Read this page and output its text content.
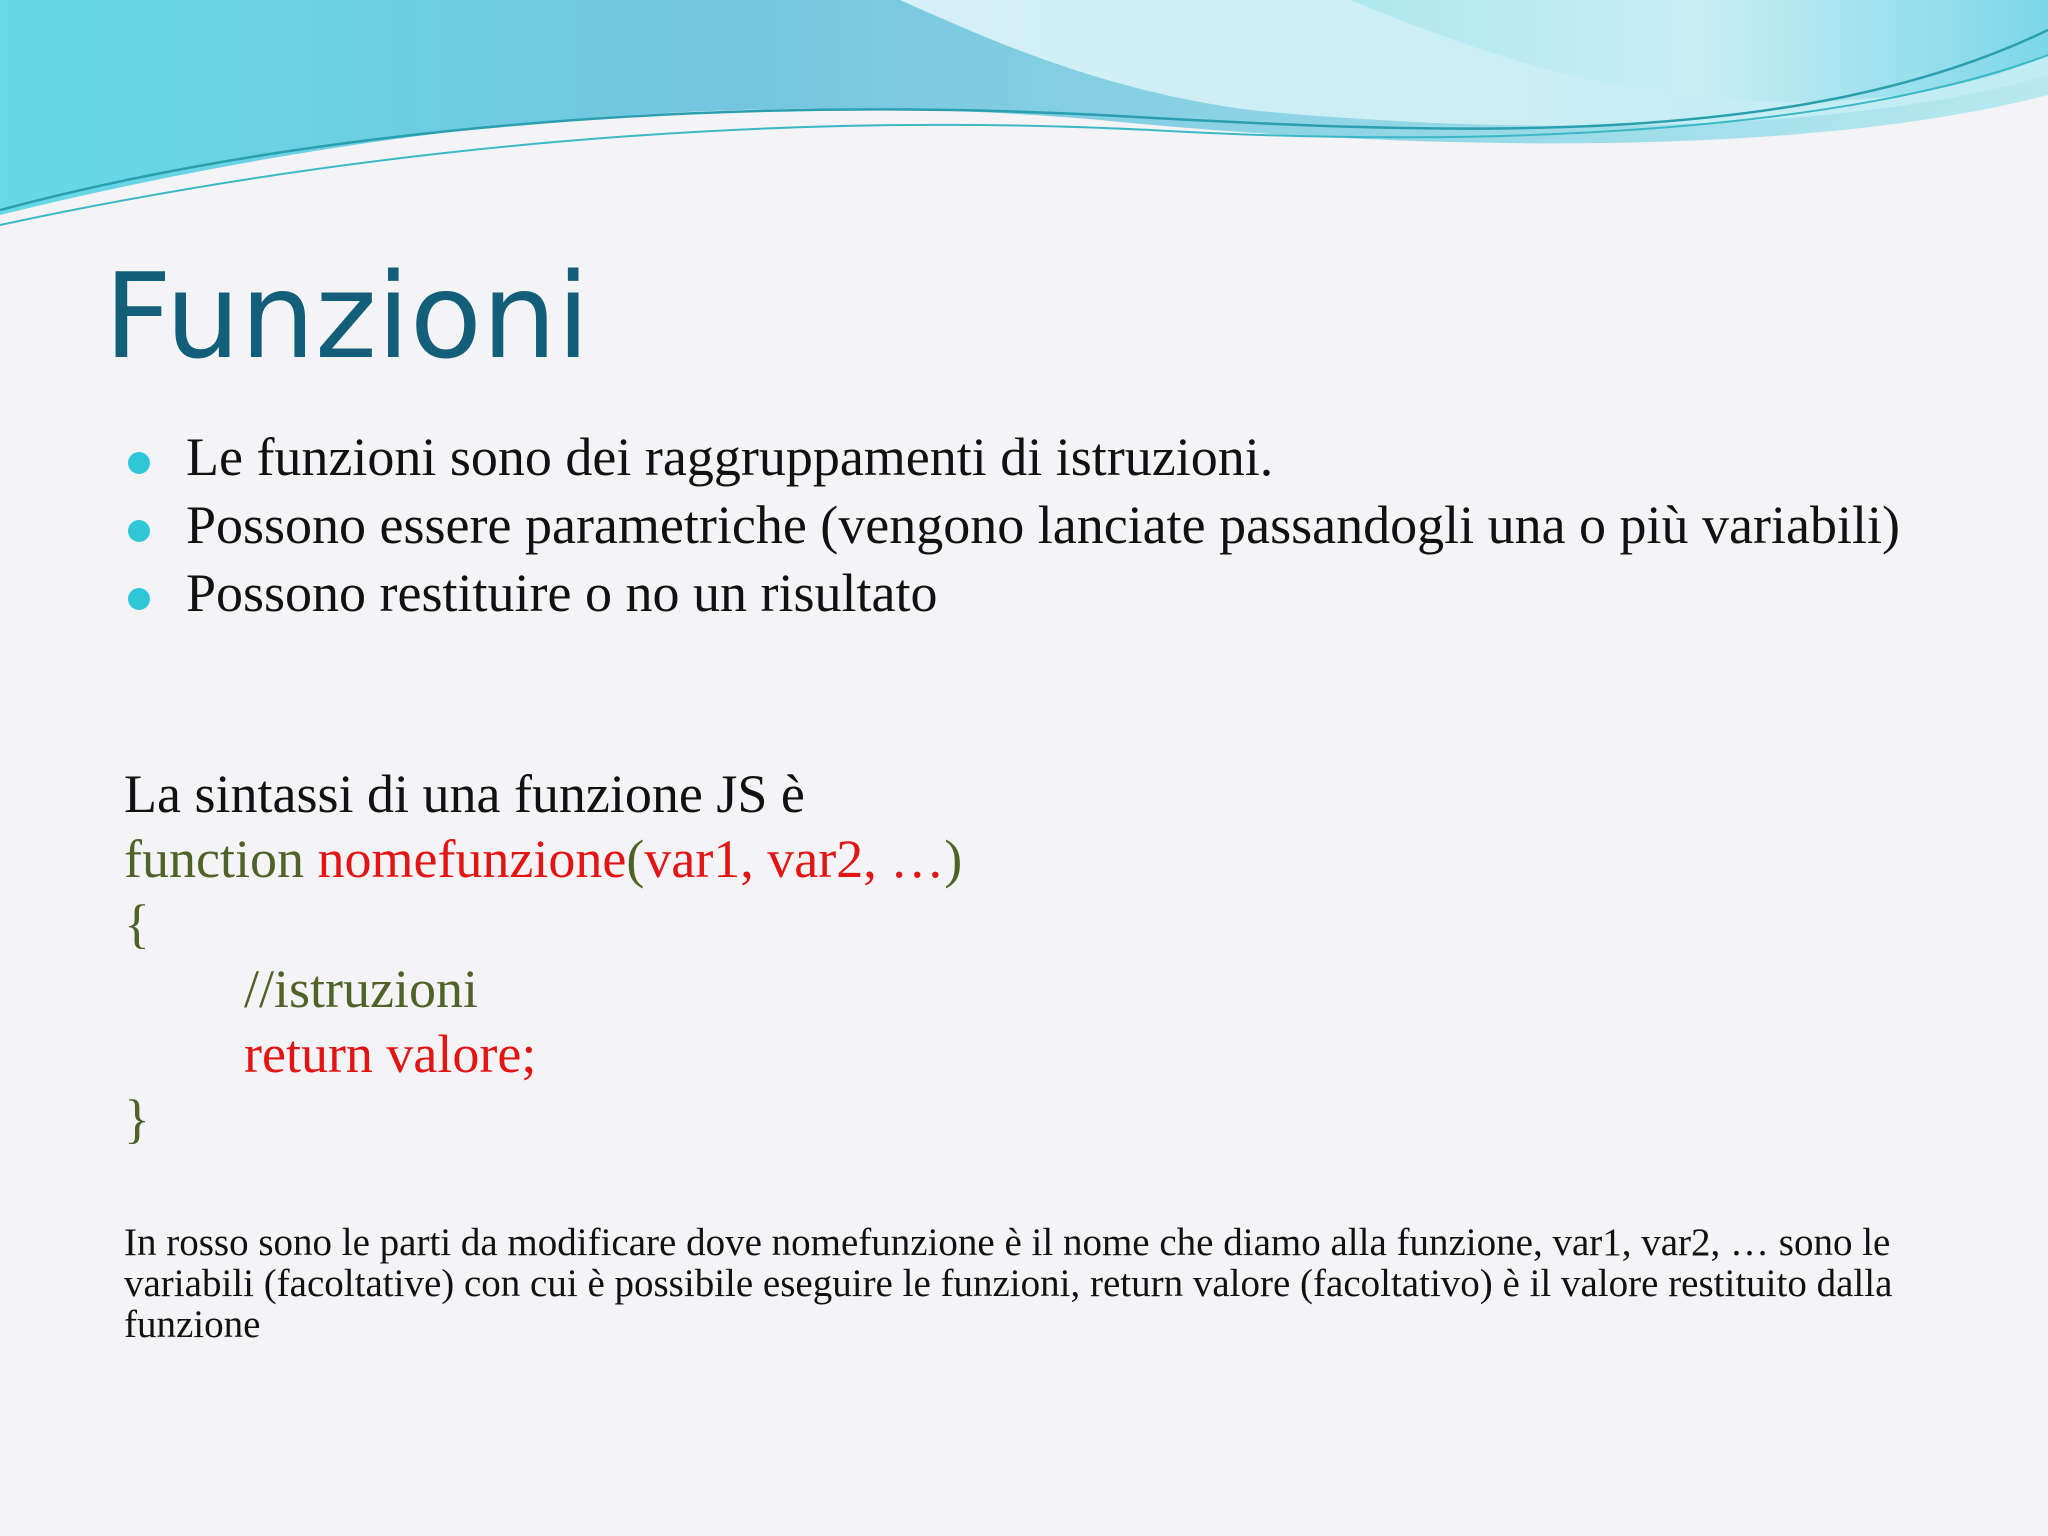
Funzioni
Le funzioni sono dei raggruppamenti di istruzioni.
Possono essere parametriche (vengono lanciate passandogli una o più variabili)
Possono restituire o no un risultato
La sintassi di una funzione JS è
function nomefunzione(var1, var2, …)
{
//istruzioni
return valore;
}

In rosso sono le parti da modificare dove nomefunzione è il nome che diamo alla funzione, var1, var2, … sono le variabili (facoltative) con cui è possibile eseguire le funzioni, return valore (facoltativo) è il valore restituito dalla funzione
